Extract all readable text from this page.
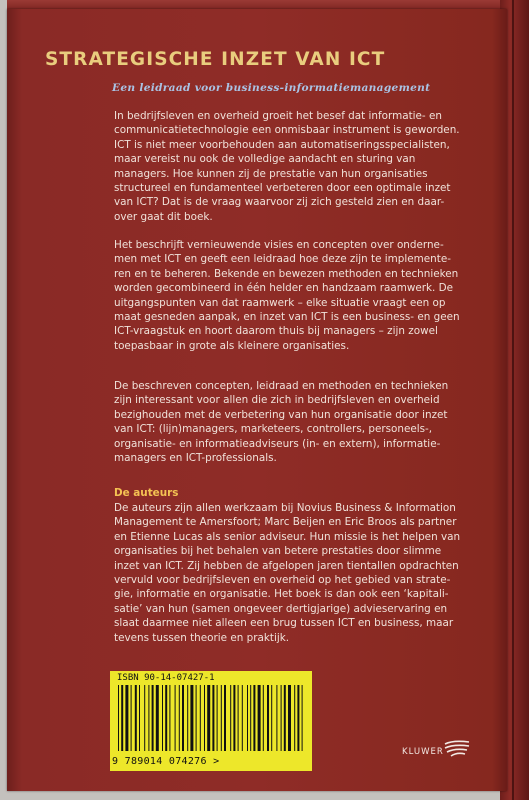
STRATEGISCHE INZET VAN ICT
Een leidraad voor business-informatiemanagement
In bedrijfsleven en overheid groeit het besef dat informatie- en
communicatietechnologie een onmisbaar instrument is geworden.
ICT is niet meer voorbehouden aan automatiseringsspecialisten,
maar vereist nu ook de volledige aandacht en sturing van
managers. Hoe kunnen zij de prestatie van hun organisaties
structureel en fundamenteel verbeteren door een optimale inzet
van ICT? Dat is de vraag waarvoor zij zich gesteld zien en daar-
over gaat dit boek.
Het beschrijft vernieuwende visies en concepten over onderne-
men met ICT en geeft een leidraad hoe deze zijn te implemente-
ren en te beheren. Bekende en bewezen methoden en technieken
worden gecombineerd in één helder en handzaam raamwerk. De
uitgangspunten van dat raamwerk – elke situatie vraagt een op
maat gesneden aanpak, en inzet van ICT is een business- en geen
ICT-vraagstuk en hoort daarom thuis bij managers – zijn zowel
toepasbaar in grote als kleinere organisaties.
De beschreven concepten, leidraad en methoden en technieken
zijn interessant voor allen die zich in bedrijfsleven en overheid
bezighouden met de verbetering van hun organisatie door inzet
van ICT: (lijn)managers, marketeers, controllers, personeels-,
organisatie- en informatieadviseurs (in- en extern), informatie-
managers en ICT-professionals.
De auteurs
De auteurs zijn allen werkzaam bij Novius Business & Information
Management te Amersfoort; Marc Beijen en Eric Broos als partner
en Etienne Lucas als senior adviseur. Hun missie is het helpen van
organisaties bij het behalen van betere prestaties door slimme
inzet van ICT. Zij hebben de afgelopen jaren tientallen opdrachten
vervuld voor bedrijfsleven en overheid op het gebied van strate-
gie, informatie en organisatie. Het boek is dan ook een ‘kapitali-
satie’ van hun (samen ongeveer dertigjarige) advieservaring en
slaat daarmee niet alleen een brug tussen ICT en business, maar
tevens tussen theorie en praktijk.

ISBN 90-14-07427-1

9 789014 074276 >
KLUWER
